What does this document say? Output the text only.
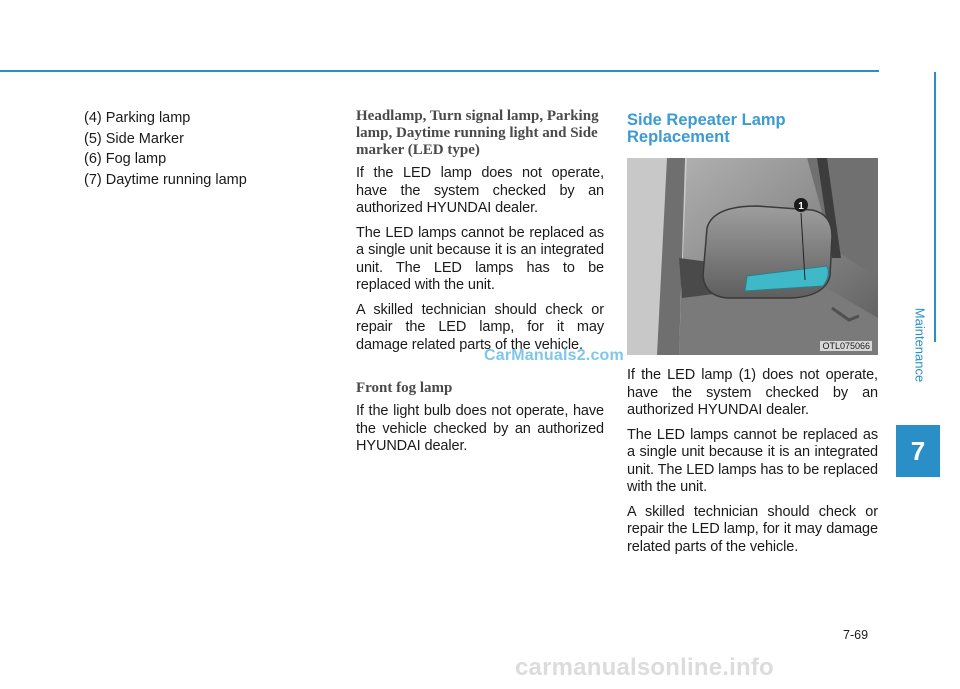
(4) Parking lamp

(5) Side Marker

(6) Fog lamp

(7) Daytime running lamp

Headlamp, Turn signal lamp, Parking lamp, Daytime running light and Side marker (LED type)

If the LED lamp does not operate, have the system checked by an authorized HYUNDAI dealer.

The LED lamps cannot be replaced as a single unit because it is an integrated unit. The LED lamps has to be replaced with the unit.

A skilled technician should check or repair the LED lamp, for it may damage related parts of the vehicle.

Front fog lamp

If the light bulb does not operate, have the vehicle checked by an authorized HYUNDAI dealer.

Side Repeater Lamp Replacement
1
OTL075066

If the LED lamp (1) does not operate, have the system checked by an authorized HYUNDAI dealer.

The LED lamps cannot be replaced as a single unit because it is an integrated unit. The LED lamps has to be replaced with the unit.

A skilled technician should check or repair the LED lamp, for it may damage related parts of the vehicle.

CarManuals2.com	Maintenance
7
7-69
carmanualsonline.info
